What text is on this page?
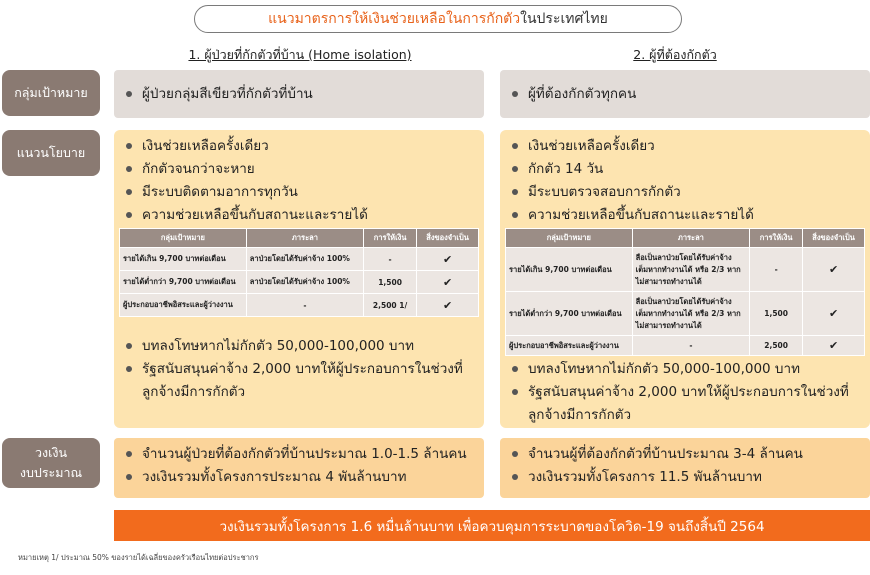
แนวมาตรการให้เงินช่วยเหลือในการกักตัว ในประเทศไทย
1. ผู้ป่วยที่กักตัวที่บ้าน (Home isolation)	2. ผู้ที่ต้องกักตัว
กลุ่มเป้าหมาย
แนวนโยบาย
วงเงิน
งบประมาณ
ผู้ป่วยกลุ่มสีเขียวที่กักตัวที่บ้าน	ผู้ที่ต้องกักตัวทุกคน
เงินช่วยเหลือครั้งเดียว
กักตัวจนกว่าจะหาย
มีระบบติดตามอาการทุกวัน
ความช่วยเหลือขึ้นกับสถานะและรายได้
กลุ่มเป้าหมาย	ภาระลา	การให้เงิน	สิ่งของจำเป็น
รายได้เกิน 9,700 บาทต่อเดือน	ลาป่วยโดยได้รับค่าจ้าง 100%	-	✔
รายได้ต่ำกว่า 9,700 บาทต่อเดือน	ลาป่วยโดยได้รับค่าจ้าง 100%	1,500	✔
ผู้ประกอบอาชีพอิสระและผู้ว่างงาน	-	2,500 1/	✔
บทลงโทษหากไม่กักตัว 50,000-100,000 บาท
รัฐสนับสนุนค่าจ้าง 2,000 บาทให้ผู้ประกอบการในช่วงที่ลูกจ้างมีการกักตัว
เงินช่วยเหลือครั้งเดียว
กักตัว 14 วัน
มีระบบตรวจสอบการกักตัว
ความช่วยเหลือขึ้นกับสถานะและรายได้
กลุ่มเป้าหมาย	ภาระลา	การให้เงิน	สิ่งของจำเป็น
รายได้เกิน 9,700 บาทต่อเดือน	ลือเป็นลาป่วยโดยได้รับค่าจ้าง เต็มหากทำงานได้ หรือ 2/3 หากไม่สามารถทำงานได้	-	✔
รายได้ต่ำกว่า 9,700 บาทต่อเดือน	ลือเป็นลาป่วยโดยได้รับค่าจ้าง เต็มหากทำงานได้ หรือ 2/3 หากไม่สามารถทำงานได้	1,500	✔
ผู้ประกอบอาชีพอิสระและผู้ว่างงาน	-	2,500	✔
บทลงโทษหากไม่กักตัว 50,000-100,000 บาท
รัฐสนับสนุนค่าจ้าง 2,000 บาทให้ผู้ประกอบการในช่วงที่ลูกจ้างมีการกักตัว
จำนวนผู้ป่วยที่ต้องกักตัวที่บ้านประมาณ 1.0-1.5 ล้านคน
วงเงินรวมทั้งโครงการประมาณ 4 พันล้านบาท
จำนวนผู้ที่ต้องกักตัวที่บ้านประมาณ 3-4 ล้านคน
วงเงินรวมทั้งโครงการ 11.5 พันล้านบาท
วงเงินรวมทั้งโครงการ 1.6 หมื่นล้านบาท เพื่อควบคุมการระบาดของโควิด-19 จนถึงสิ้นปี 2564
หมายเหตุ 1/ ประมาณ 50% ของรายได้เฉลี่ยของครัวเรือนไทยต่อประชากร
